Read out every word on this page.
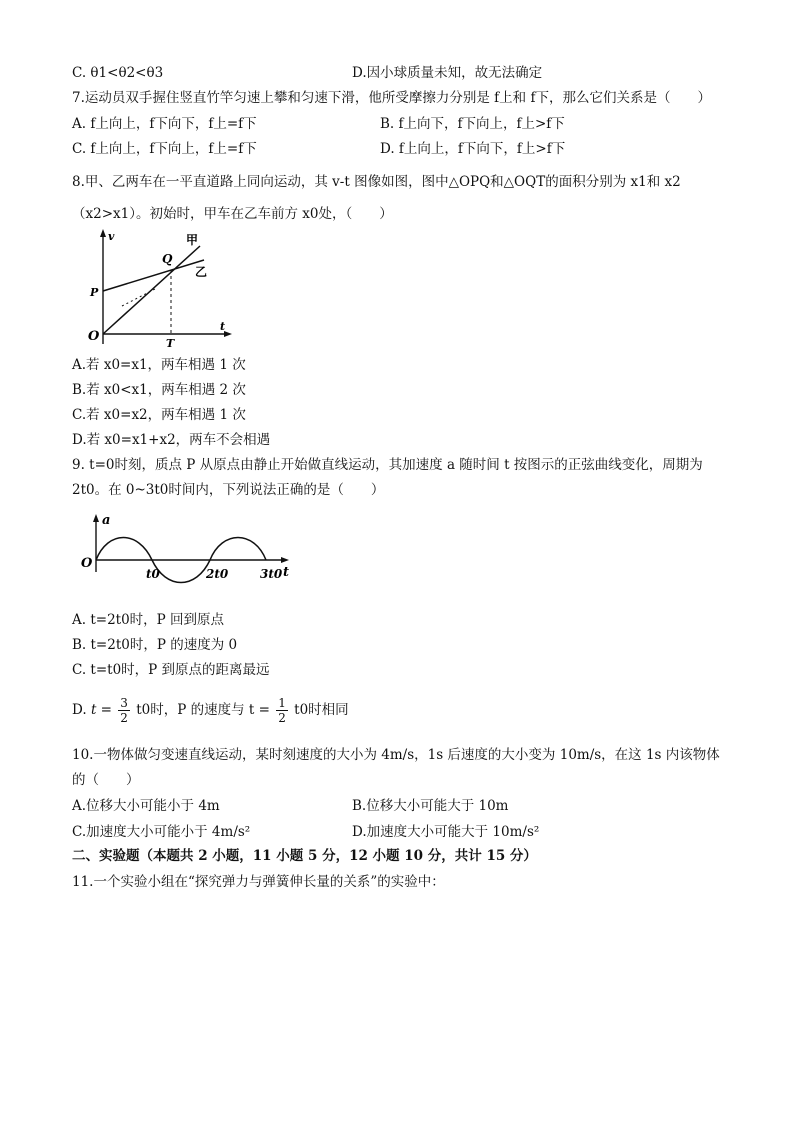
C. θ1<θ2<θ3	D.因小球质量未知，故无法确定
7.运动员双手握住竖直竹竿匀速上攀和匀速下滑，他所受摩擦力分别是 f上和 f下，那么它们关系是（　　）
A. f上向上，f下向下，f上=f下	B. f上向下，f下向上，f上>f下
C. f上向上，f下向上，f上=f下	D. f上向上，f下向下，f上>f下
8.甲、乙两车在一平直道路上同向运动，其 v-t 图像如图，图中△OPQ和△OQT的面积分别为 x1和 x2
（x2>x1）。初始时，甲车在乙车前方 x0处，（　　）
v	甲
Q
乙
P
O	T
t
A.若 x0=x1，两车相遇 1 次
B.若 x0<x1，两车相遇 2 次
C.若 x0=x2，两车相遇 1 次
D.若 x0=x1+x2，两车不会相遇
9. t=0时刻，质点 P 从原点由静止开始做直线运动，其加速度 a 随时间 t 按图示的正弦曲线变化，周期为
2t0。在 0~3t0时间内，下列说法正确的是（　　）
a
O
t0	2t0	3t0 t
A. t=2t0时，P 回到原点
B. t=2t0时，P 的速度为 0
C. t=t0时，P 到原点的距离最远
D. $t = \frac{3}{2} t0$时，P 的速度与 $t = \frac{1}{2} t0$时相同
10.一物体做匀变速直线运动，某时刻速度的大小为 4m/s，1s 后速度的大小变为 10m/s，在这 1s 内该物体
的（　　）
A.位移大小可能小于 4m	B.位移大小可能大于 10m
C.加速度大小可能小于 4m/s²	D.加速度大小可能大于 10m/s²
二、实验题（本题共 2 小题，11 小题 5 分，12 小题 10 分，共计 15 分）
11.一个实验小组在“探究弹力与弹簧伸长量的关系”的实验中：
